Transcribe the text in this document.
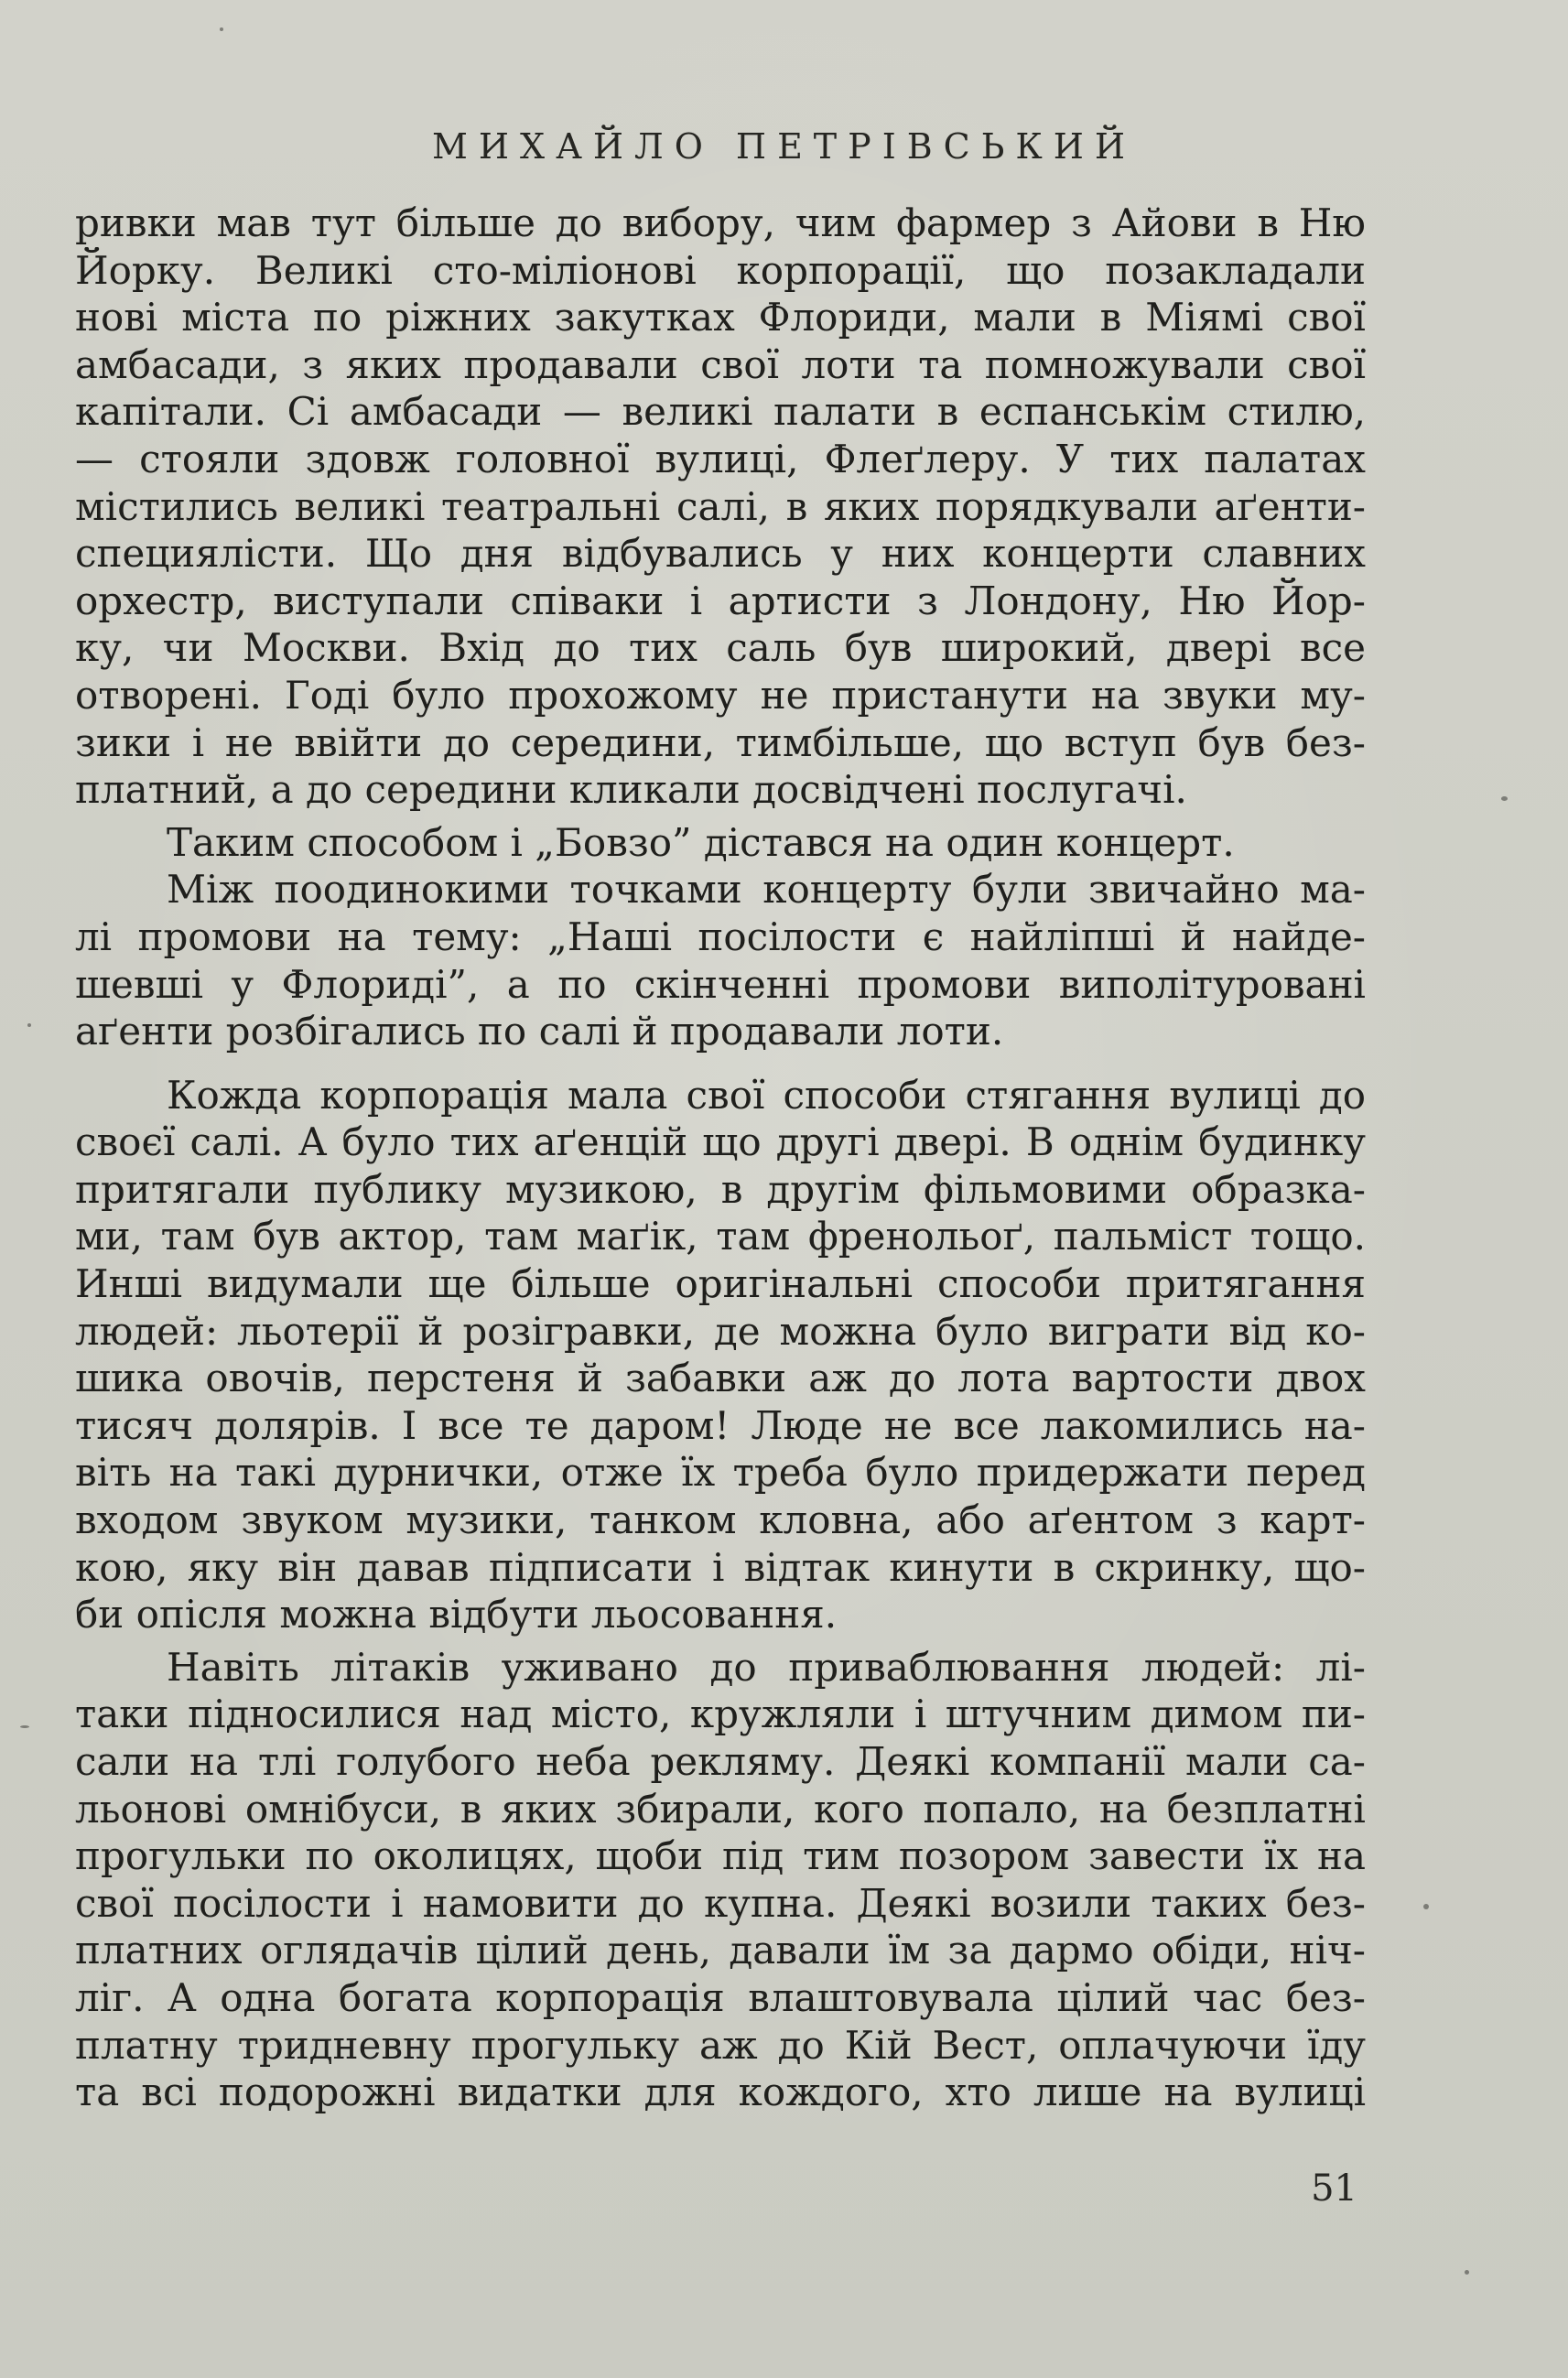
МИХАЙЛО ПЕТРІВСЬКИЙ
ривки мав тут більше до вибору, чим фармер з Айови в Ню
Йорку. Великі сто-міліонові корпорації, що позакладали
нові міста по ріжних закутках Флориди, мали в Міямі свої
амбасади, з яких продавали свої лоти та помножували свої
капітали. Сі амбасади — великі палати в еспанськім стилю,
— стояли здовж головної вулиці, Флеґлеру. У тих палатах
містились великі театральні салі, в яких порядкували аґенти-
специялісти. Що дня відбувались у них концерти славних
орхестр, виступали співаки і артисти з Лондону, Ню Йор-
ку, чи Москви. Вхід до тих саль був широкий, двері все
отворені. Годі було прохожому не пристанути на звуки му-
зики і не ввійти до середини, тимбільше, що вступ був без-
платний, а до середини кликали досвідчені послугачі.
Таким способом і „Бовзо” дістався на один концерт.
Між поодинокими точками концерту були звичайно ма-
лі промови на тему: „Наші посілости є найліпші й найде-
шевші у Флориді”, а по скінченні промови виполітуровані
аґенти розбігались по салі й продавали лоти.
Кожда корпорація мала свої способи стягання вулиці до
своєї салі. А було тих аґенцій що другі двері. В однім будинку
притягали публику музикою, в другім фільмовими образка-
ми, там був актор, там маґік, там френольоґ, пальміст тощо.
Инші видумали ще більше оригінальні способи притягання
людей: льотерії й розігравки, де можна було виграти від ко-
шика овочів, перстеня й забавки аж до лота вартости двох
тисяч долярів. І все те даром! Люде не все лакомились на-
віть на такі дурнички, отже їх треба було придержати перед
входом звуком музики, танком кловна, або аґентом з карт-
кою, яку він давав підписати і відтак кинути в скринку, що-
би опісля можна відбути льосовання.
Навіть літаків уживано до приваблювання людей: лі-
таки підносилися над місто, кружляли і штучним димом пи-
сали на тлі голубого неба рекляму. Деякі компанії мали са-
льонові омнібуси, в яких збирали, кого попало, на безплатні
прогульки по околицях, щоби під тим позором завести їх на
свої посілости і намовити до купна. Деякі возили таких без-
платних оглядачів цілий день, давали їм за дармо обіди, ніч-
ліг. А одна богата корпорація влаштовувала цілий час без-
платну тридневну прогульку аж до Кій Вест, оплачуючи їду
та всі подорожні видатки для кождого, хто лише на вулиці
51
